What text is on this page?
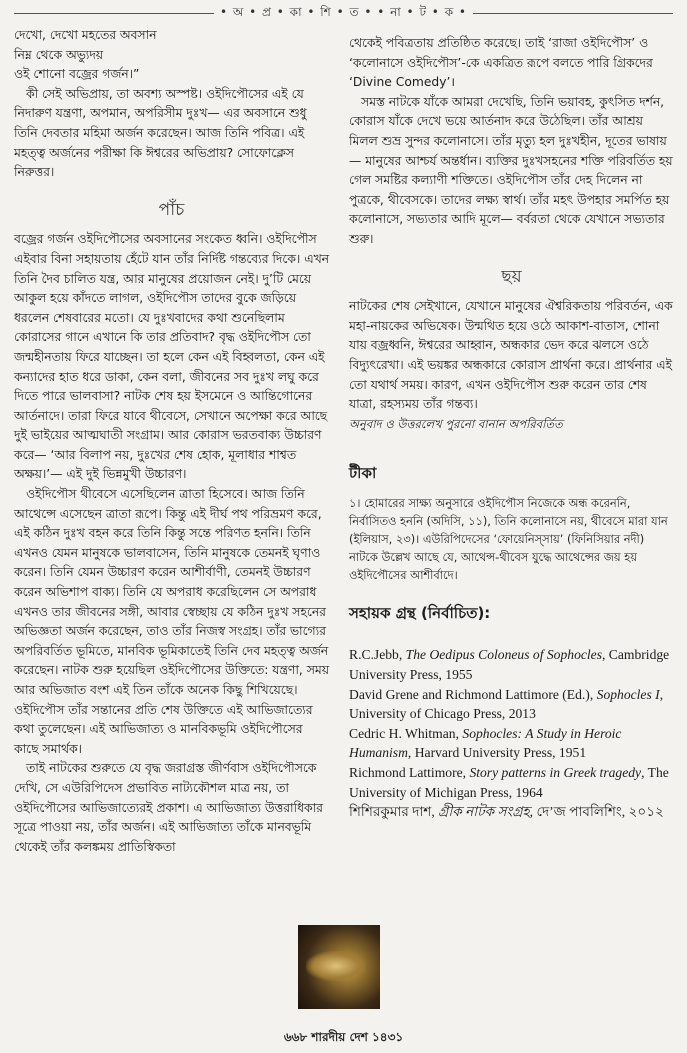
• অ • প্র • কা • শি • ত • • না • ট • ক •

দেখো, দেখো মহতের অবসান

নিম্ন থেকে অভ্যুদয়

ওই শোনো বজ্রের গর্জন।”

কী সেই অভিপ্রায়, তা অবশ্য অস্পষ্ট। ওইদিপৌসের এই যে নিদারুণ যন্ত্রণা, অপমান, অপরিসীম দুঃখ— এর অবসানে শুধু তিনি দেবতার মহিমা অর্জন করেছেন। আজ তিনি পবিত্র। এই মহত্ত্ব অর্জনের পরীক্ষা কি ঈশ্বরের অভিপ্রায়? সোফোক্লেস নিরুত্তর।

পাঁচ

বজ্রের গর্জন ওইদিপৌসের অবসানের সংকেত ধ্বনি। ওইদিপৌস এইবার বিনা সহায়তায় হেঁটে যান তাঁর নির্দিষ্ট গন্তব্যের দিকে। এখন তিনি দৈব চালিত যন্ত্র, আর মানুষের প্রয়োজন নেই। দু’টি মেয়ে আকুল হয়ে কাঁদতে লাগল, ওইদিপৌস তাদের বুকে জড়িয়ে ধরলেন শেষবারের মতো। যে দুঃখবাদের কথা শুনেছিলাম কোরাসের গানে এখানে কি তার প্রতিবাদ? বৃদ্ধ ওইদিপৌস তো জন্মহীনতায় ফিরে যাচ্ছেন। তা হলে কেন এই বিহ্বলতা, কেন এই কন্যাদের হাত ধরে ডাকা, কেন বলা, জীবনের সব দুঃখ লঘু করে দিতে পারে ভালবাসা? নাটক শেষ হয় ইসমেনে ও আন্তিগোনের আর্তনাদে। তারা ফিরে যাবে থীবেসে, সেখানে অপেক্ষা করে আছে দুই ভাইয়ের আত্মঘাতী সংগ্রাম। আর কোরাস ভরতবাক্য উচ্চারণ করে— ‘আর বিলাপ নয়, দুঃখের শেষ হোক, মূলাধার শাশ্বত অক্ষয়।’— এই দুই ভিন্নমুখী উচ্চারণ।

ওইদিপৌস থীবেসে এসেছিলেন ত্রাতা হিসেবে। আজ তিনি আথেন্সে এসেছেন ত্রাতা রূপে। কিন্তু এই দীর্ঘ পথ পরিভ্রমণ করে, এই কঠিন দুঃখ বহন করে তিনি কিন্তু সন্তে পরিণত হননি। তিনি এখনও যেমন মানুষকে ভালবাসেন, তিনি মানুষকে তেমনই ঘৃণাও করেন। তিনি যেমন উচ্চারণ করেন আশীর্বাণী, তেমনই উচ্চারণ করেন অভিশাপ বাক্য। তিনি যে অপরাধ করেছিলেন সে অপরাধ এখনও তার জীবনের সঙ্গী, আবার স্বেচ্ছায় যে কঠিন দুঃখ সহনের অভিজ্ঞতা অর্জন করেছেন, তাও তাঁর নিজস্ব সংগ্রহ। তাঁর ভাগ্যের অপরিবর্তিত ভূমিতে, মানবিক ভূমিকাতেই তিনি দেব মহত্ত্ব অর্জন করেছেন। নাটক শুরু হয়েছিল ওইদিপৌসের উক্তিতে: যন্ত্রণা, সময় আর অভিজাত বংশ এই তিন তাঁকে অনেক কিছু শিখিয়েছে। ওইদিপৌস তাঁর সন্তানের প্রতি শেষ উক্তিতে এই আভিজাত্যের কথা তুলেছেন। এই আভিজাত্য ও মানবিকভূমি ওইদিপৌসের কাছে সমার্থক।

তাই নাটকের শুরুতে যে বৃদ্ধ জরাগ্রস্ত জীর্ণবাস ওইদিপৌসকে দেখি, সে এউরিপিদেস প্রভাবিত নাট্যকৌশল মাত্র নয়, তা ওইদিপৌসের আভিজাত্যেরই প্রকাশ। এ আভিজাত্য উত্তরাধিকার সূত্রে পাওয়া নয়, তাঁর অর্জন। এই আভিজাত্য তাঁকে মানবভূমি থেকেই তাঁর কলঙ্কময় প্রাতিস্বিকতা

থেকেই পবিত্রতায় প্রতিষ্ঠিত করেছে। তাই ‘রাজা ওইদিপৌস’ ও ‘কলোনাসে ওইদিপৌস’-কে একত্রিত রূপে বলতে পারি গ্রিকদের ‘Divine Comedy’।

সমস্ত নাটকে যাঁকে আমরা দেখেছি, তিনি ভয়াবহ, কুৎসিত দর্শন, কোরাস যাঁকে দেখে ভয়ে আর্তনাদ করে উঠেছিল। তাঁর আশ্রয় মিলল শুভ্র সুন্দর কলোনাসে। তাঁর মৃত্যু হল দুঃখহীন, দূতের ভাষায়— মানুষের আশ্চর্য অন্তর্ধান। ব্যক্তির দুঃখসহনের শক্তি পরিবর্তিত হয় গেল সমষ্টির কল্যাণী শক্তিতে। ওইদিপৌস তাঁর দেহ দিলেন না পুত্রকে, থীবেসকে। তাদের লক্ষ্য স্বার্থ। তাঁর মহৎ উপহার সমর্পিত হয় কলোনাসে, সভ্যতার আদি মূলে— বর্বরতা থেকে যেখানে সভ্যতার শুরু।

ছয়

নাটকের শেষ সেইখানে, যেখানে মানুষের ঐশ্বরিকতায় পরিবর্তন, এক মহা-নায়কের অভিষেক। উন্মথিত হয়ে ওঠে আকাশ-বাতাস, শোনা যায় বজ্রধ্বনি, ঈশ্বরের আহ্বান, অন্ধকার ভেদ করে ঝলসে ওঠে বিদ্যুৎরেখা। এই ভয়ঙ্কর অন্ধকারে কোরাস প্রার্থনা করে। প্রার্থনার এই তো যথার্থ সময়। কারণ, এখন ওইদিপৌস শুরু করেন তার শেষ যাত্রা, রহস্যময় তাঁর গন্তব্য।

অনুবাদ ও উত্তরলেখ পুরনো বানান অপরিবর্তিত

টীকা

১। হোমারের সাক্ষ্য অনুসারে ওইদিপৌস নিজেকে অন্ধ করেননি, নির্বাসিতও হননি (অদিসি, ১১), তিনি কলোনাসে নয়, থীবেসে মারা যান (ইলিয়াস, ২৩)। এউরিপিদেসের ‘ফোয়েনিস্সায়’ (ফিনিসিয়ার নদী) নাটকে উল্লেখ আছে যে, আথেন্স-থীবেস যুদ্ধে আথেন্সের জয় হয় ওইদিপৌসের আশীর্বাদে।

সহায়ক গ্রন্থ (নির্বাচিত):

R.C.Jebb, The Oedipus Coloneus of Sophocles, Cambridge University Press, 1955

David Grene and Richmond Lattimore (Ed.), Sophocles I, University of Chicago Press, 2013

Cedric H. Whitman, Sophocles: A Study in Heroic Humanism, Harvard University Press, 1951

Richmond Lattimore, Story patterns in Greek tragedy, The University of Michigan Press, 1964

শিশিরকুমার দাশ, গ্রীক নাটক সংগ্রহ, দে’জ পাবলিশিং, ২০১২

৬৬৮ শারদীয় দেশ ১৪৩১
